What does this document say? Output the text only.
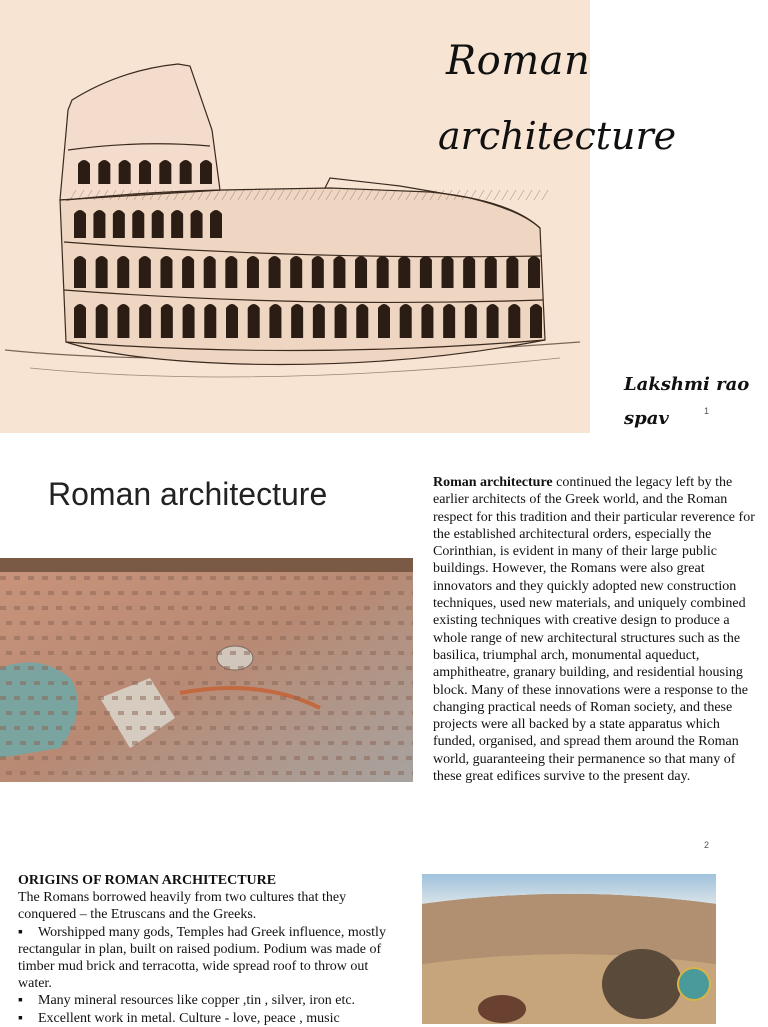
Roman
architecture
Lakshmi rao
spav	1
Roman architecture	Roman architecture continued the legacy left by the earlier architects of the Greek world, and the Roman respect for this tradition and their particular reverence for the established architectural orders, especially the Corinthian, is evident in many of their large public buildings. However, the Romans were also great innovators and they quickly adopted new construction techniques, used new materials, and uniquely combined existing techniques with creative design to produce a whole range of new architectural structures such as the basilica, triumphal arch, monumental aqueduct, amphitheatre, granary building, and residential housing block. Many of these innovations were a response to the changing practical needs of Roman society, and these projects were all backed by a state apparatus which funded, organised, and spread them around the Roman world, guaranteeing their permanence so that many of these great edifices survive to the present day.
2
ORIGINS OF ROMAN ARCHITECTURE
The Romans borrowed heavily from two cultures that they conquered – the Etruscans and the Greeks.
▪ Worshipped many gods, Temples had Greek influence, mostly rectangular in plan, built on raised podium. Podium was made of timber mud brick and terracotta, wide spread roof to throw out water.
▪ Many mineral resources like copper ,tin , silver, iron etc.
▪ Excellent work in metal. Culture - love, peace , music
